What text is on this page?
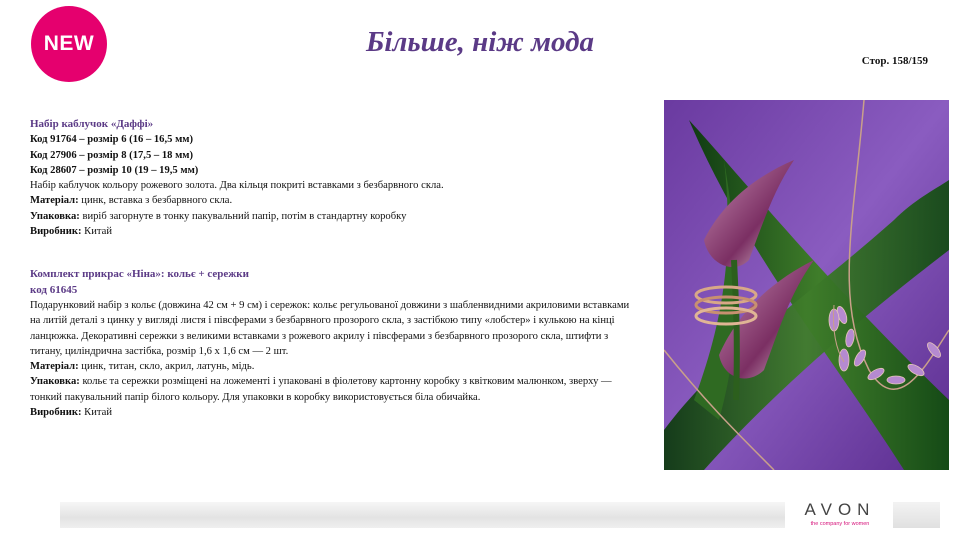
NEW	Більше, ніж мода
Стор. 158/159

Набір каблучок «Даффі»

Код 91764 – розмір 6 (16 – 16,5 мм)

Код 27906 – розмір 8 (17,5 – 18 мм)

Код 28607 – розмір 10 (19 – 19,5 мм)

Набір каблучок кольору рожевого золота. Два кільця покриті вставками з безбарвного скла.

Матеріал: цинк, вставка з безбарвного скла.

Упаковка: виріб загорнуте в тонку пакувальний папір, потім в стандартну коробку

Виробник: Китай

Комплект прикрас «Ніна»: кольє + сережки

код 61645

Подарунковий набір з кольє (довжина 42 см + 9 см) і сережок: кольє регульованої довжини з шабленвидними акриловими вставками на литій деталі з цинку у вигляді листя і півсферами з безбарвного прозорого скла, з застібкою типу «лобстер» і кулькою на кінці ланцюжка. Декоративні сережки з великими вставками з рожевого акрилу і півсферами з безбарвного прозорого скла, штифти з титану, циліндрична застібка, розмір 1,6 х 1,6 см — 2 шт.

Матеріал: цинк, титан, скло, акрил, латунь, мідь.

Упаковка: кольє та сережки розміщені на ложементі і упаковані в фіолетову картонну коробку з квітковим малюнком, зверху — тонкий пакувальний папір білого кольору. Для упаковки в коробку використовується біла обичайка.

Виробник: Китай

AVON
the company for women
